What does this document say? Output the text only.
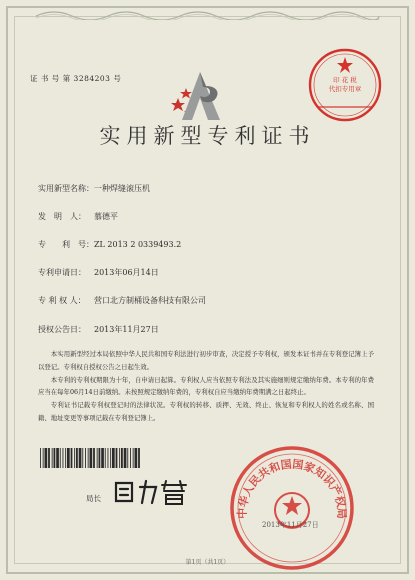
证 书 号 第 3284203 号	印 花 税
代扣专用章
实用新型专利证书
实用新型名称：一种焊缝滚压机
发　明　人： 慕德平
专　　利　号：ZL 2013 2 0339493.2
专利申请日： 2013年06月14日
专 利 权 人： 营口北方制桶设备科技有限公司
授权公告日： 2013年11月27日

本实用新型经过本局依照中华人民共和国专利法进行初步审查，决定授予专利权，颁发本证书并在专利登记簿上予以登记。专利权自授权公告之日起生效。

本专利的专利权期限为十年，自申请日起算。专利权人应当依照专利法及其实施细则规定缴纳年费。本专利的年费应当在每年06月14日前缴纳。未按照规定缴纳年费的，专利权自应当缴纳年费期满之日起终止。

专利证书记载专利权登记时的法律状况。专利权的转移、质押、无效、终止、恢复和专利权人的姓名或名称、国籍、地址变更等事项记载在专利登记簿上。

局长
中华人民共和国国家知识产权局
2013年11月27日
第1页（共1页）
